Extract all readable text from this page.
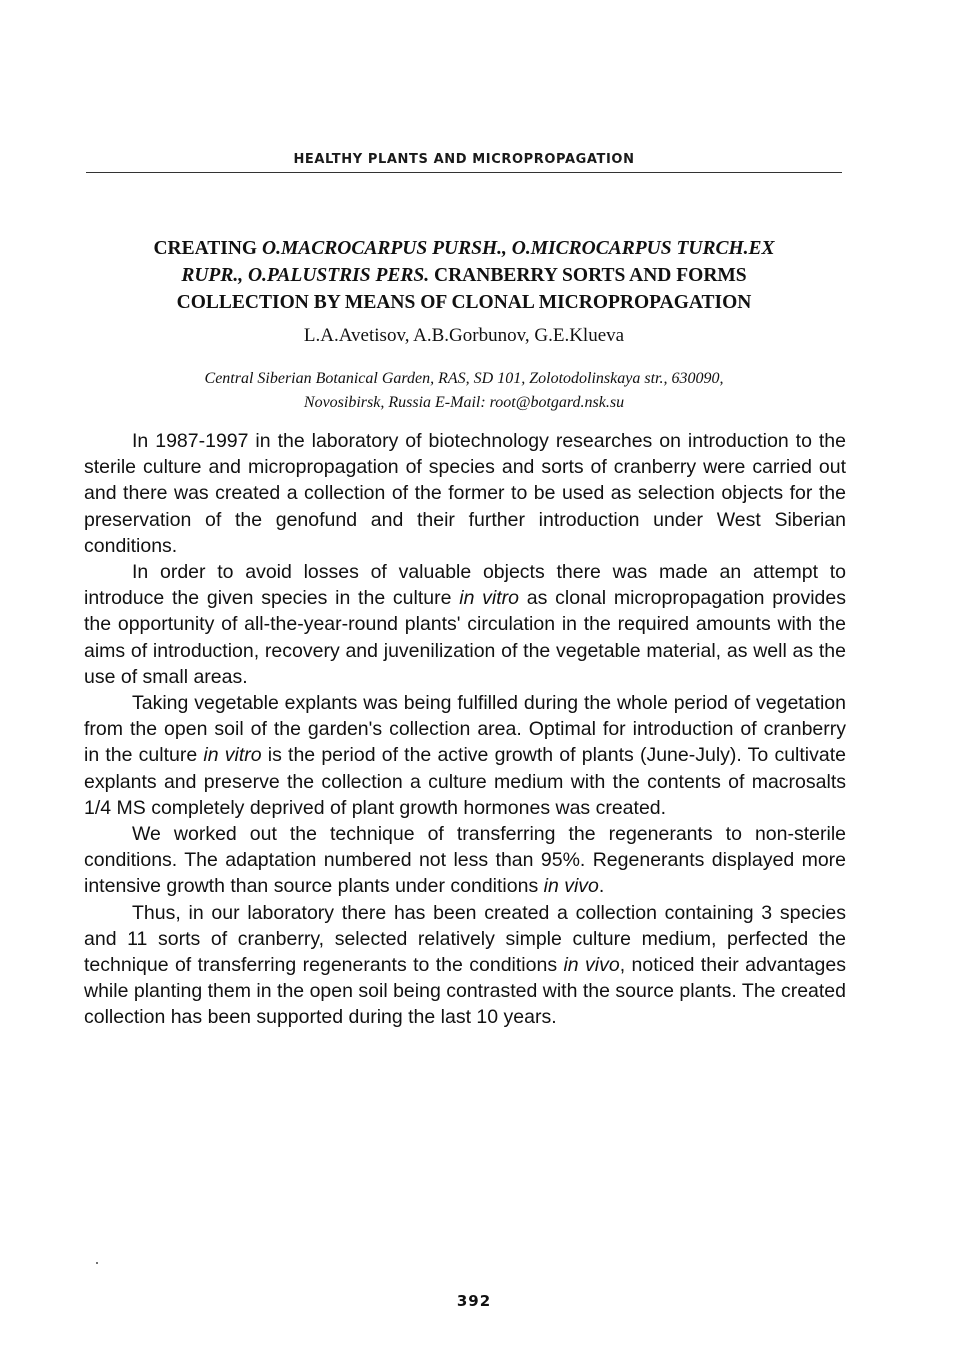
HEALTHY PLANTS AND MICROPROPAGATION
CREATING O.MACROCARPUS PURSH., O.MICROCARPUS TURCH.EX
RUPR., O.PALUSTRIS PERS. CRANBERRY SORTS AND FORMS
COLLECTION BY MEANS OF CLONAL MICROPROPAGATION
L.A.Avetisov, A.B.Gorbunov, G.E.Klueva
Central Siberian Botanical Garden, RAS, SD 101, Zolotodolinskaya str., 630090,
Novosibirsk, Russia E-Mail: root@botgard.nsk.su

In 1987-1997 in the laboratory of biotechnology researches on introduction to the sterile culture and micropropagation of species and sorts of cranberry were carried out and there was created a collection of the former to be used as selection objects for the preservation of the genofund and their further introduction under West Siberian conditions.

In order to avoid losses of valuable objects there was made an attempt to introduce the given species in the culture in vitro as clonal micropropagation provides the opportunity of all-the-year-round plants' circulation in the required amounts with the aims of introduction, recovery and juvenilization of the vegetable material, as well as the use of small areas.

Taking vegetable explants was being fulfilled during the whole period of vegetation from the open soil of the garden's collection area. Optimal for introduction of cranberry in the culture in vitro is the period of the active growth of plants (June-July). To cultivate explants and preserve the collection a culture medium with the contents of macrosalts 1/4 MS completely deprived of plant growth hormones was created.

We worked out the technique of transferring the regenerants to non-sterile conditions. The adaptation numbered not less than 95%. Regenerants displayed more intensive growth than source plants under conditions in vivo.

Thus, in our laboratory there has been created a collection containing 3 species and 11 sorts of cranberry, selected relatively simple culture medium, perfected the technique of transferring regenerants to the conditions in vivo, noticed their advantages while planting them in the open soil being contrasted with the source plants. The created collection has been supported during the last 10 years.

392
